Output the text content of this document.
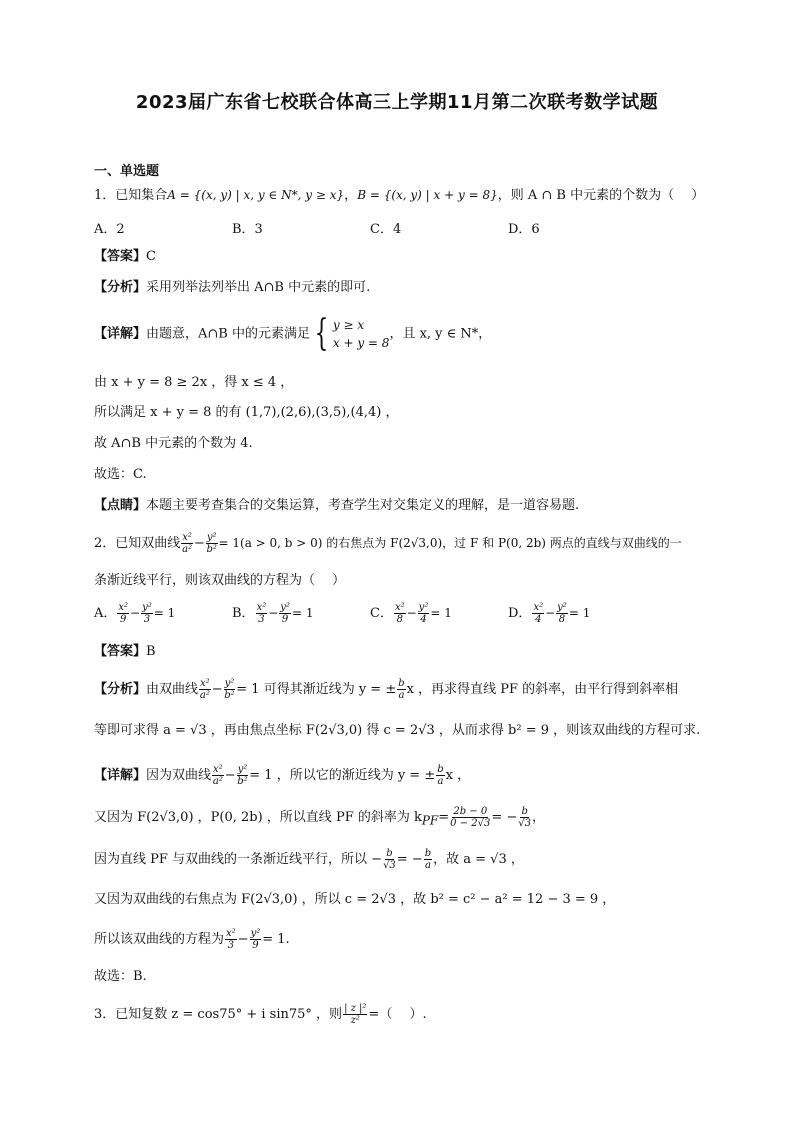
2023届广东省七校联合体高三上学期11月第二次联考数学试题
一、单选题
1．已知集合A = {(x, y) | x, y ∈ N*, y ≥ x}，B = {(x, y) | x + y = 8}，则 A ∩ B 中元素的个数为（　 ）
A．2	B．3	C．4	D．6
【答案】C
【分析】采用列举法列举出 A∩B 中元素的即可.
【详解】由题意，A∩B 中的元素满足 { y ≥ x
x + y = 8
，且 x, y ∈ N*，
由 x + y = 8 ≥ 2x ，得 x ≤ 4 ，
所以满足 x + y = 8 的有 (1,7),(2,6),(3,5),(4,4) ，
故 A∩B 中元素的个数为 4.
故选：C.
【点睛】本题主要考查集合的交集运算，考查学生对交集定义的理解，是一道容易题.
2．已知双曲线 $\frac{\text{x²}}{\text{a²}} - \frac{\text{y²}}{\text{b²}} = 1(a > 0$, b > 0) 的右焦点为 F(2√3,0)，过 F 和 P(0, 2b) 两点的直线与双曲线的一
条渐近线平行，则该双曲线的方程为（　 ）
A． $\frac{\text{x²}}{9} - \frac{\text{y²}}{3} = 1$	B． $\frac{\text{x²}}{3} - \frac{\text{y²}}{9} = 1$	C． $\frac{\text{x²}}{8} - \frac{\text{y²}}{4} = 1$	D． $\frac{\text{x²}}{4} - \frac{\text{y²}}{8} = 1$
【答案】B
【分析】由双曲线 $\frac{\text{x²}}{\text{a²}} - \frac{\text{y²}}{\text{b²}} = 1$ 可得其渐近线为 y = ± $\frac{b}{a}$ x ，再求得直线 PF 的斜率，由平行得到斜率相
等即可求得 a = √3 ，再由焦点坐标 F(2√3,0) 得 c = 2√3 ，从而求得 b² = 9 ，则该双曲线的方程可求.
【详解】因为双曲线 $\frac{\text{x²}}{\text{a²}} - \frac{\text{y²}}{\text{b²}} = 1$ ，所以它的渐近线为 y = ± $\frac{b}{a}$ x ，
又因为 F(2√3,0) ，P(0, 2b) ，所以直线 PF 的斜率为 $k_{PF}= \frac{2b - 0}{0 - 2√3}$ = − $\frac{b}{√3}$ ，
因为直线 PF 与双曲线的一条渐近线平行，所以 − $\frac{b}{√3}$ = − $\frac{b}{a}$ ，故 a = √3 ，
又因为双曲线的右焦点为 F(2√3,0) ，所以 c = 2√3 ，故 b² = c² − a² = 12 − 3 = 9 ，
所以该双曲线的方程为 $\frac{\text{x²}}{3} - \frac{\text{y²}}{9} = 1$.
故选：B.
3．已知复数 z = cos75° + i sin75° ，则 $\frac{\text{| z |²}}{\text{z²}}$ =（　 ）.
